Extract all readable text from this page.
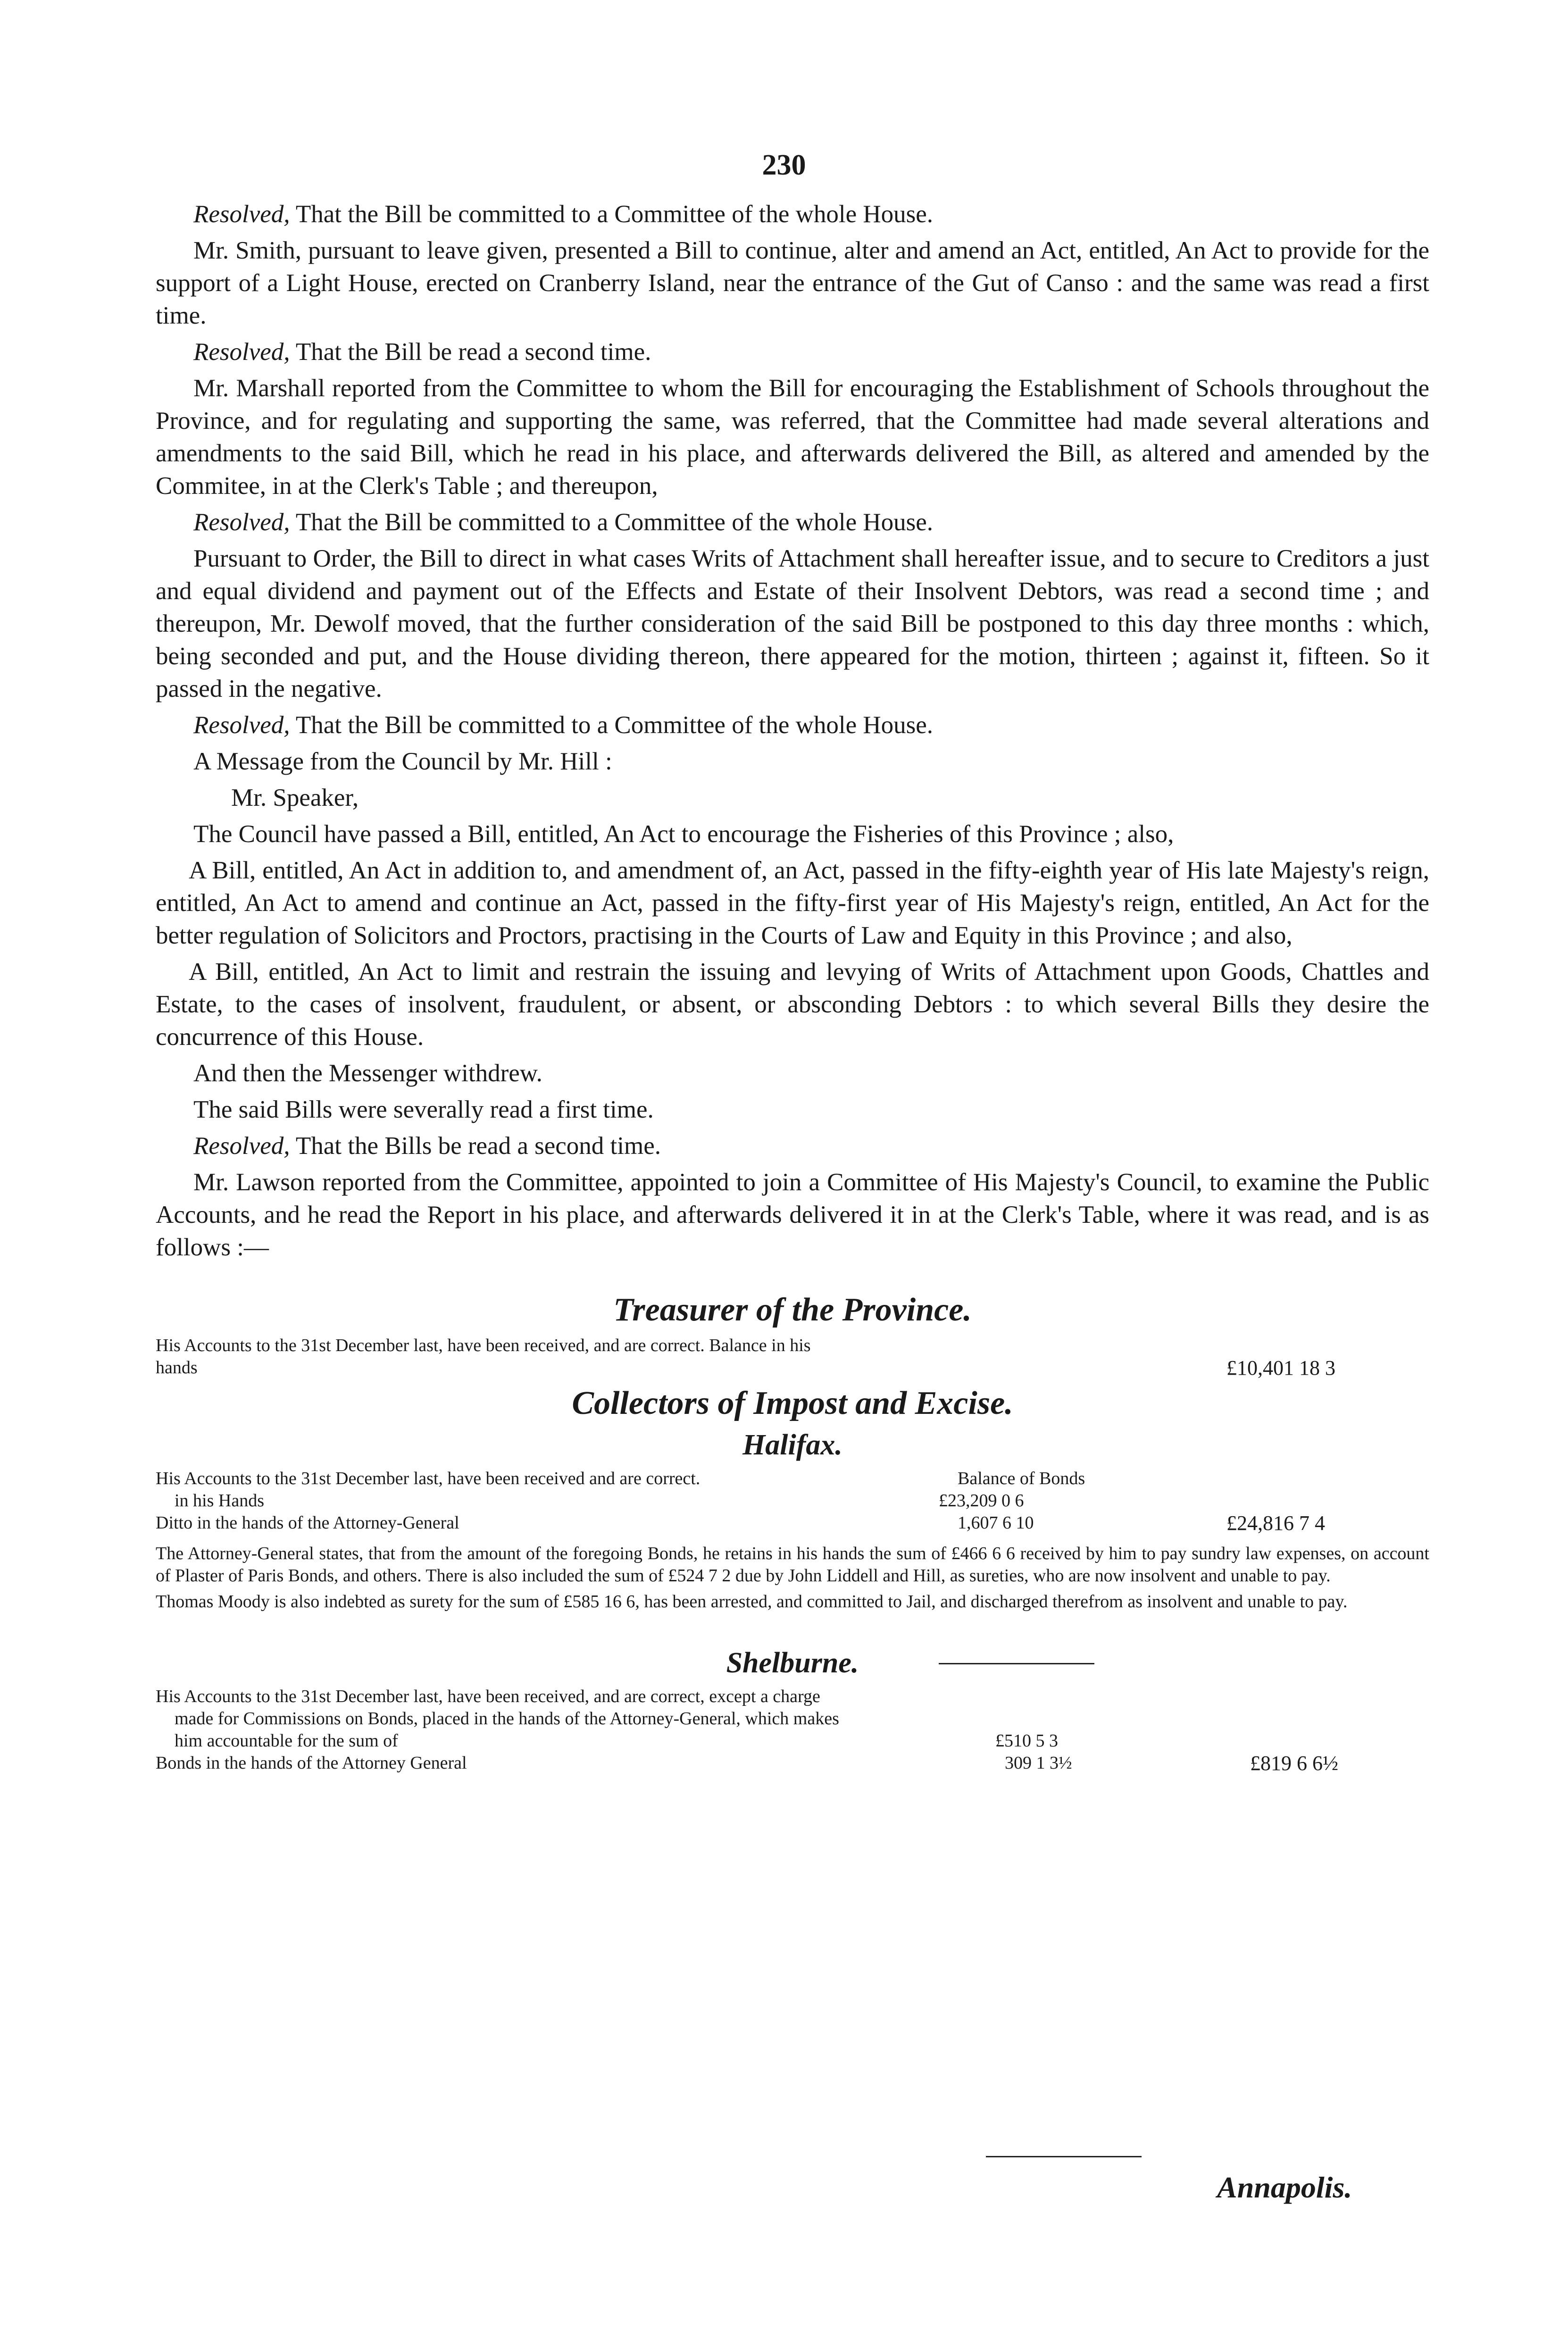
230

Resolved, That the Bill be committed to a Committee of the whole House.

Mr. Smith, pursuant to leave given, presented a Bill to continue, alter and amend an Act, entitled, An Act to provide for the support of a Light House, erected on Cranberry Island, near the entrance of the Gut of Canso : and the same was read a first time.

Resolved, That the Bill be read a second time.

Mr. Marshall reported from the Committee to whom the Bill for encouraging the Establishment of Schools throughout the Province, and for regulating and supporting the same, was referred, that the Committee had made several alterations and amendments to the said Bill, which he read in his place, and afterwards delivered the Bill, as altered and amended by the Commitee, in at the Clerk's Table ; and thereupon,

Resolved, That the Bill be committed to a Committee of the whole House.

Pursuant to Order, the Bill to direct in what cases Writs of Attachment shall hereafter issue, and to secure to Creditors a just and equal dividend and payment out of the Effects and Estate of their Insolvent Debtors, was read a second time ; and thereupon, Mr. Dewolf moved, that the further consideration of the said Bill be postponed to this day three months : which, being seconded and put, and the House dividing thereon, there appeared for the motion, thirteen ; against it, fifteen. So it passed in the negative.

Resolved, That the Bill be committed to a Committee of the whole House.

A Message from the Council by Mr. Hill :

Mr. Speaker,

The Council have passed a Bill, entitled, An Act to encourage the Fisheries of this Province ; also,

A Bill, entitled, An Act in addition to, and amendment of, an Act, passed in the fifty-eighth year of His late Majesty's reign, entitled, An Act to amend and continue an Act, passed in the fifty-first year of His Majesty's reign, entitled, An Act for the better regulation of Solicitors and Proctors, practising in the Courts of Law and Equity in this Province ; and also,

A Bill, entitled, An Act to limit and restrain the issuing and levying of Writs of Attachment upon Goods, Chattles and Estate, to the cases of insolvent, fraudulent, or absent, or absconding Debtors : to which several Bills they desire the concurrence of this House.

And then the Messenger withdrew.

The said Bills were severally read a first time.

Resolved, That the Bills be read a second time.

Mr. Lawson reported from the Committee, appointed to join a Committee of His Majesty's Council, to examine the Public Accounts, and he read the Report in his place, and afterwards delivered it in at the Clerk's Table, where it was read, and is as follows :—

Treasurer of the Province.
His Accounts to the 31st December last, have been received, and are correct. Balance in his
hands	£10,401 18 3
Collectors of Impost and Excise.
Halifax.
His Accounts to the 31st December last, have been received and are correct.	Balance of Bonds
in his Hands	£23,209 0 6
Ditto in the hands of the Attorney-General	1,607 6 10	£24,816 7 4
The Attorney-General states, that from the amount of the foregoing Bonds, he retains in his hands the sum of £466 6 6 received by him to pay sundry law expenses, on account of Plaster of Paris Bonds, and others. There is also included the sum of £524 7 2 due by John Liddell and Hill, as sureties, who are now insolvent and unable to pay.
Thomas Moody is also indebted as surety for the sum of £585 16 6, has been arrested, and committed to Jail, and discharged therefrom as insolvent and unable to pay.
Shelburne.
His Accounts to the 31st December last, have been received, and are correct, except a charge
made for Commissions on Bonds, placed in the hands of the Attorney-General, which makes
him accountable for the sum of	£510 5 3
Bonds in the hands of the Attorney General	309 1 3½	£819 6 6½
Annapolis.
